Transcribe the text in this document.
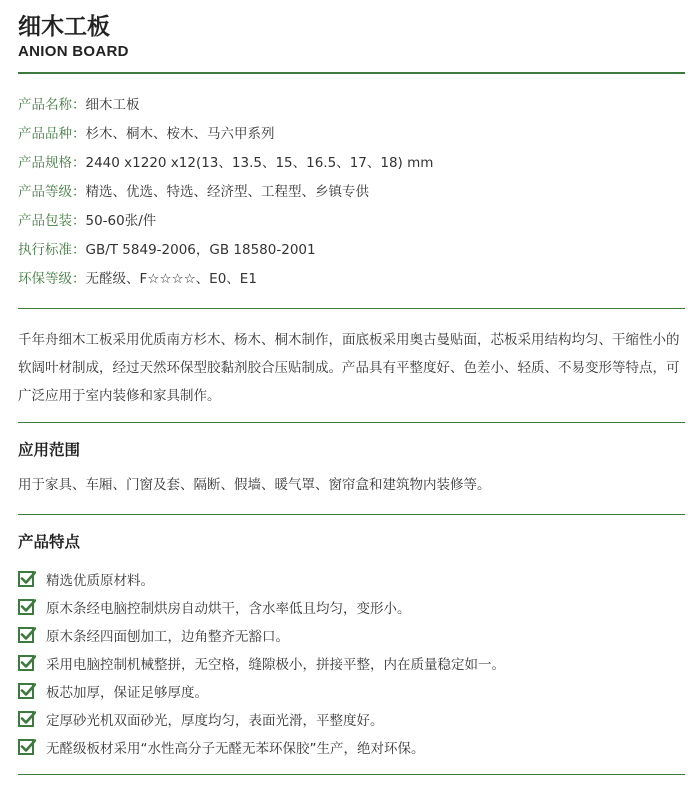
细木工板
ANION BOARD
产品名称：细木工板
产品品种：杉木、桐木、桉木、马六甲系列
产品规格：2440 x1220 x12(13、13.5、15、16.5、17、18) mm
产品等级：精选、优选、特选、经济型、工程型、乡镇专供
产品包装：50-60张/件
执行标准：GB/T 5849-2006，GB 18580-2001
环保等级：无醛级、F☆☆☆☆、E0、E1
千年舟细木工板采用优质南方杉木、杨木、桐木制作，面底板采用奥古曼贴面，芯板采用结构均匀、干缩性小的软阔叶材制成，经过天然环保型胶黏剂胶合压贴制成。产品具有平整度好、色差小、轻质、不易变形等特点，可广泛应用于室内装修和家具制作。
应用范围
用于家具、车厢、门窗及套、隔断、假墙、暖气罩、窗帘盒和建筑物内装修等。
产品特点
精选优质原材料。
原木条经电脑控制烘房自动烘干，含水率低且均匀，变形小。
原木条经四面刨加工，边角整齐无豁口。
采用电脑控制机械整拼，无空格，缝隙极小，拼接平整，内在质量稳定如一。
板芯加厚，保证足够厚度。
定厚砂光机双面砂光，厚度均匀，表面光滑，平整度好。
无醛级板材采用“水性高分子无醛无苯环保胶”生产，绝对环保。
